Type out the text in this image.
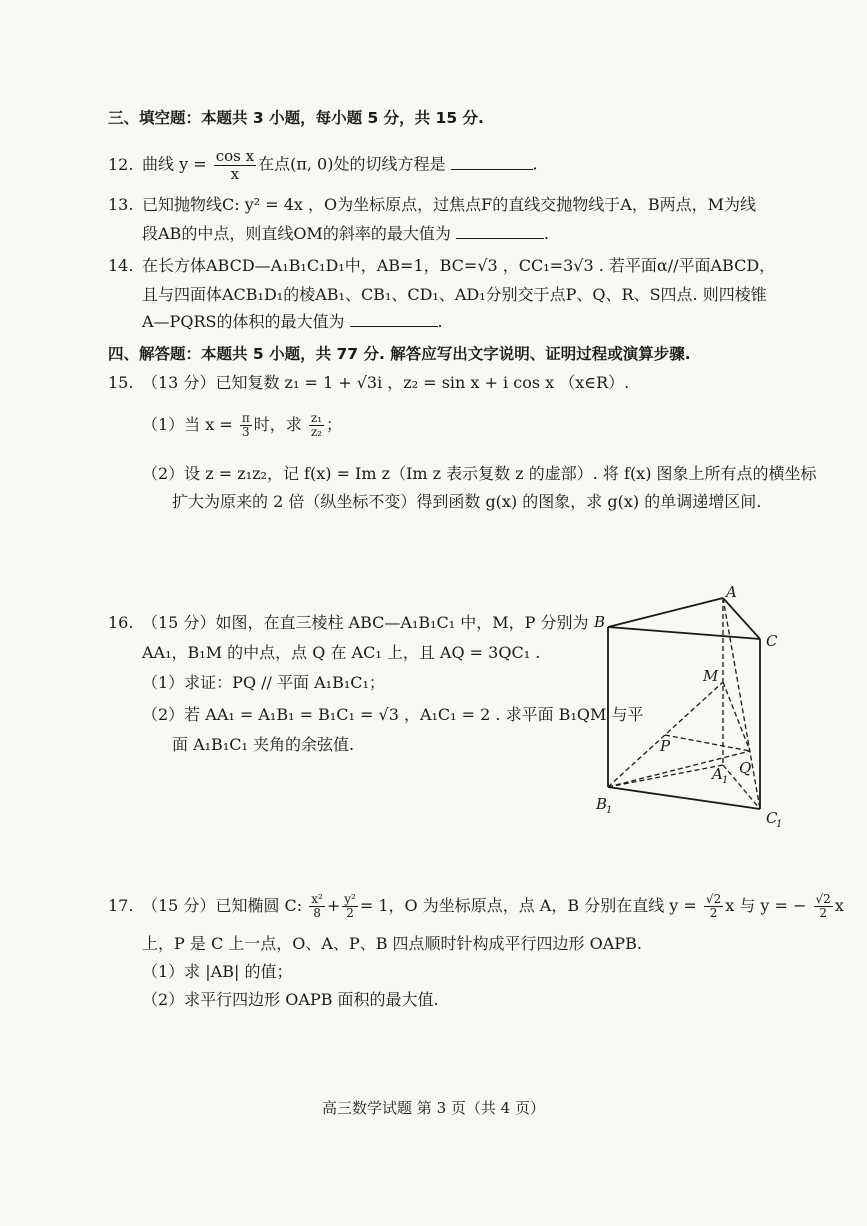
三、填空题：本题共 3 小题，每小题 5 分，共 15 分.
12. 曲线 $y = \frac{\text{cos x}}{x}$ 在点(π, 0)处的切线方程是	.
13. 已知抛物线C: y² = 4x ，O为坐标原点，过焦点F的直线交抛物线于A，B两点，M为线
段AB的中点，则直线OM的斜率的最大值为	.
14. 在长方体ABCD—A₁B₁C₁D₁中，AB=1，BC=√3 ，CC₁=3√3 . 若平面α//平面ABCD，
且与四面体ACB₁D₁的棱AB₁、CB₁、CD₁、AD₁分别交于点P、Q、R、S四点. 则四棱锥
A—PQRS的体积的最大值为	.
四、解答题：本题共 5 小题，共 77 分. 解答应写出文字说明、证明过程或演算步骤.
15. （13 分）已知复数 z₁ = 1 + √3i ，z₂ = sin x + i cos x （x∈R）.
（1）当 $x = \frac{\pi}{3}$ 时，求 $\frac{\text{z₁}}{\text{z₂}}$ ；
（2）设 z = z₁z₂，记 f(x) = Im z（Im z 表示复数 z 的虚部）. 将 f(x) 图象上所有点的横坐标
扩大为原来的 2 倍（纵坐标不变）得到函数 g(x) 的图象，求 g(x) 的单调递增区间.
16. （15 分）如图，在直三棱柱 ABC—A₁B₁C₁ 中，M，P 分别为
AA₁，B₁M 的中点，点 Q 在 AC₁ 上，且 AQ = 3QC₁ .
（1）求证：PQ // 平面 A₁B₁C₁；
（2）若 AA₁ = A₁B₁ = B₁C₁ = √3 ，A₁C₁ = 2 . 求平面 B₁QM 与平
面 A₁B₁C₁ 夹角的余弦值.
A
B
C
M
P
Q
A 1
B
1	C
1
17. （15 分）已知椭圆 C: $\frac{\text{x²}}{8} + \frac{\text{y²}}{2} = 1$，O 为坐标原点，点 A，B 分别在直线 $y = \frac{√2}{2}$ x 与 y = − $\frac{√2}{2}$ x
上，P 是 C 上一点，O、A、P、B 四点顺时针构成平行四边形 OAPB.
（1）求 |AB| 的值；
（2）求平行四边形 OAPB 面积的最大值.
高三数学试题 第 3 页（共 4 页）
